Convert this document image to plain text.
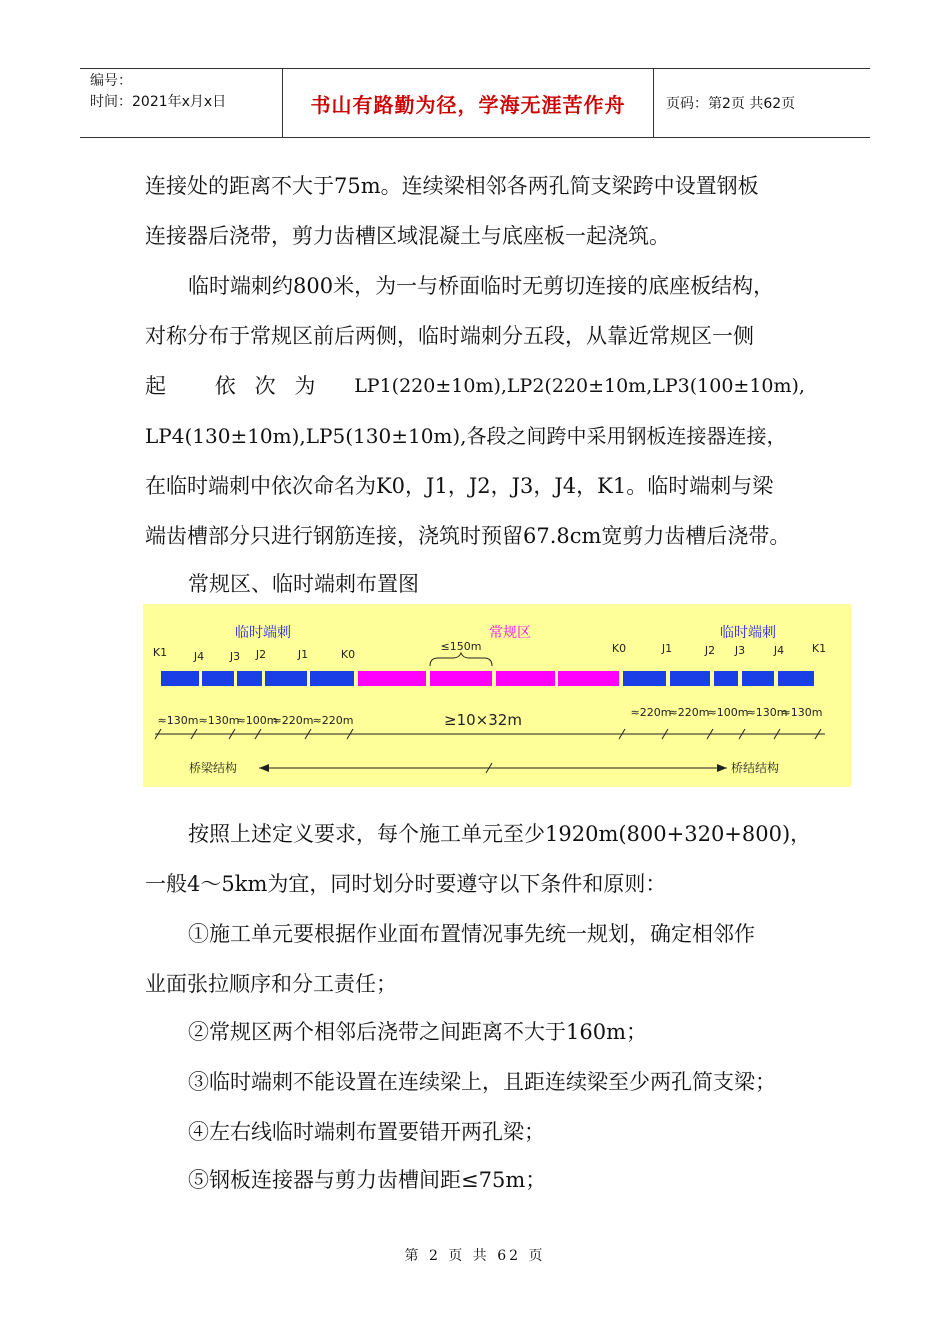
编号：
时间：2021年x月x日	书山有路勤为径，学海无涯苦作舟	页码：第2页 共62页
连接处的距离不大于75m。连续梁相邻各两孔简支梁跨中设置钢板
连接器后浇带，剪力齿槽区域混凝土与底座板一起浇筑。
临时端刺约800米，为一与桥面临时无剪切连接的底座板结构，
对称分布于常规区前后两侧，临时端刺分五段，从靠近常规区一侧
起 依 次 为 LP1(220±10m),LP2(220±10m,LP3(100±10m),
LP4(130±10m),LP5(130±10m),各段之间跨中采用钢板连接器连接，
在临时端刺中依次命名为K0，J1，J2，J3，J4，K1。临时端刺与梁
端齿槽部分只进行钢筋连接，浇筑时预留67.8cm宽剪力齿槽后浇带。
常规区、临时端刺布置图
临时端刺	常规区	临时端刺
≤150m
K1 J4 J3 J2	J1	K0	K0	J1	J2 J3	J4	K1
≈130m ≈130m
≈100m
≈220m ≈220m	≥10×32m	≈220m
≈220m
≈100m
≈130m
≈130m
桥梁结构	桥结结构
按照上述定义要求，每个施工单元至少1920m(800+320+800)，
一般4～5km为宜，同时划分时要遵守以下条件和原则：
①施工单元要根据作业面布置情况事先统一规划，确定相邻作
业面张拉顺序和分工责任；
②常规区两个相邻后浇带之间距离不大于160m；
③临时端刺不能设置在连续梁上，且距连续梁至少两孔简支梁；
④左右线临时端刺布置要错开两孔梁；
⑤钢板连接器与剪力齿槽间距≤75m；
第 2 页 共 62 页
